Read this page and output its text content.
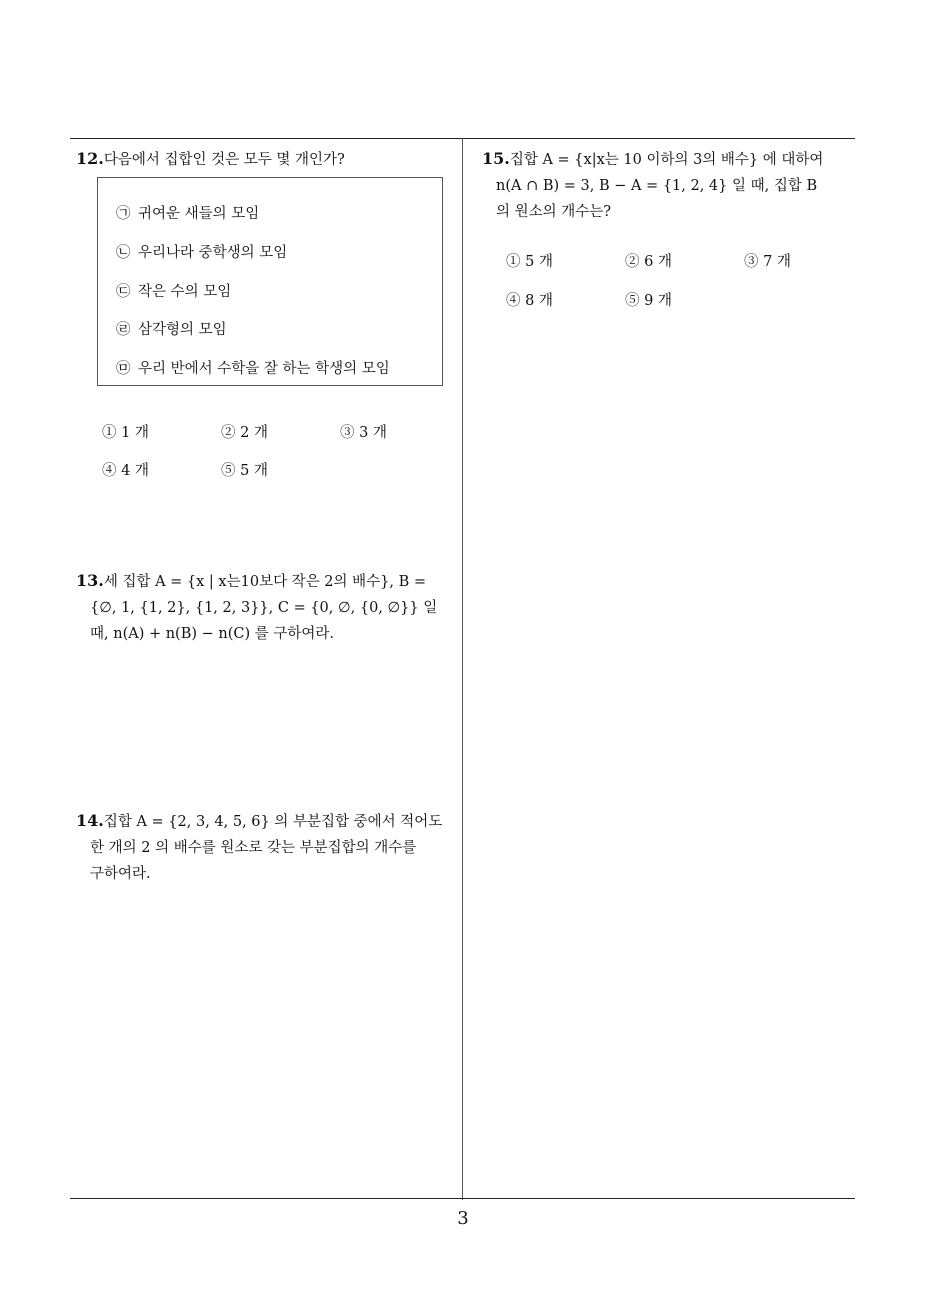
12.다음에서 집합인 것은 모두 몇 개인가?
㉠ 귀여운 새들의 모임
㉡ 우리나라 중학생의 모임
㉢ 작은 수의 모임
㉣ 삼각형의 모임
㉤ 우리 반에서 수학을 잘 하는 학생의 모임
① 1 개	② 2 개	③ 3 개
④ 4 개	⑤ 5 개
13.세 집합 A = {x | x는10보다 작은 2의 배수}, B =
{∅, 1, {1, 2}, {1, 2, 3}}, C = {0, ∅, {0, ∅}} 일
때, n(A) + n(B) − n(C) 를 구하여라.
14.집합 A = {2, 3, 4, 5, 6} 의 부분집합 중에서 적어도
한 개의 2 의 배수를 원소로 갖는 부분집합의 개수를
구하여라.
15.집합 A = {x|x는 10 이하의 3의 배수} 에 대하여
n(A ∩ B) = 3, B − A = {1, 2, 4} 일 때, 집합 B
의 원소의 개수는?
① 5 개	② 6 개	③ 7 개
④ 8 개	⑤ 9 개
3
